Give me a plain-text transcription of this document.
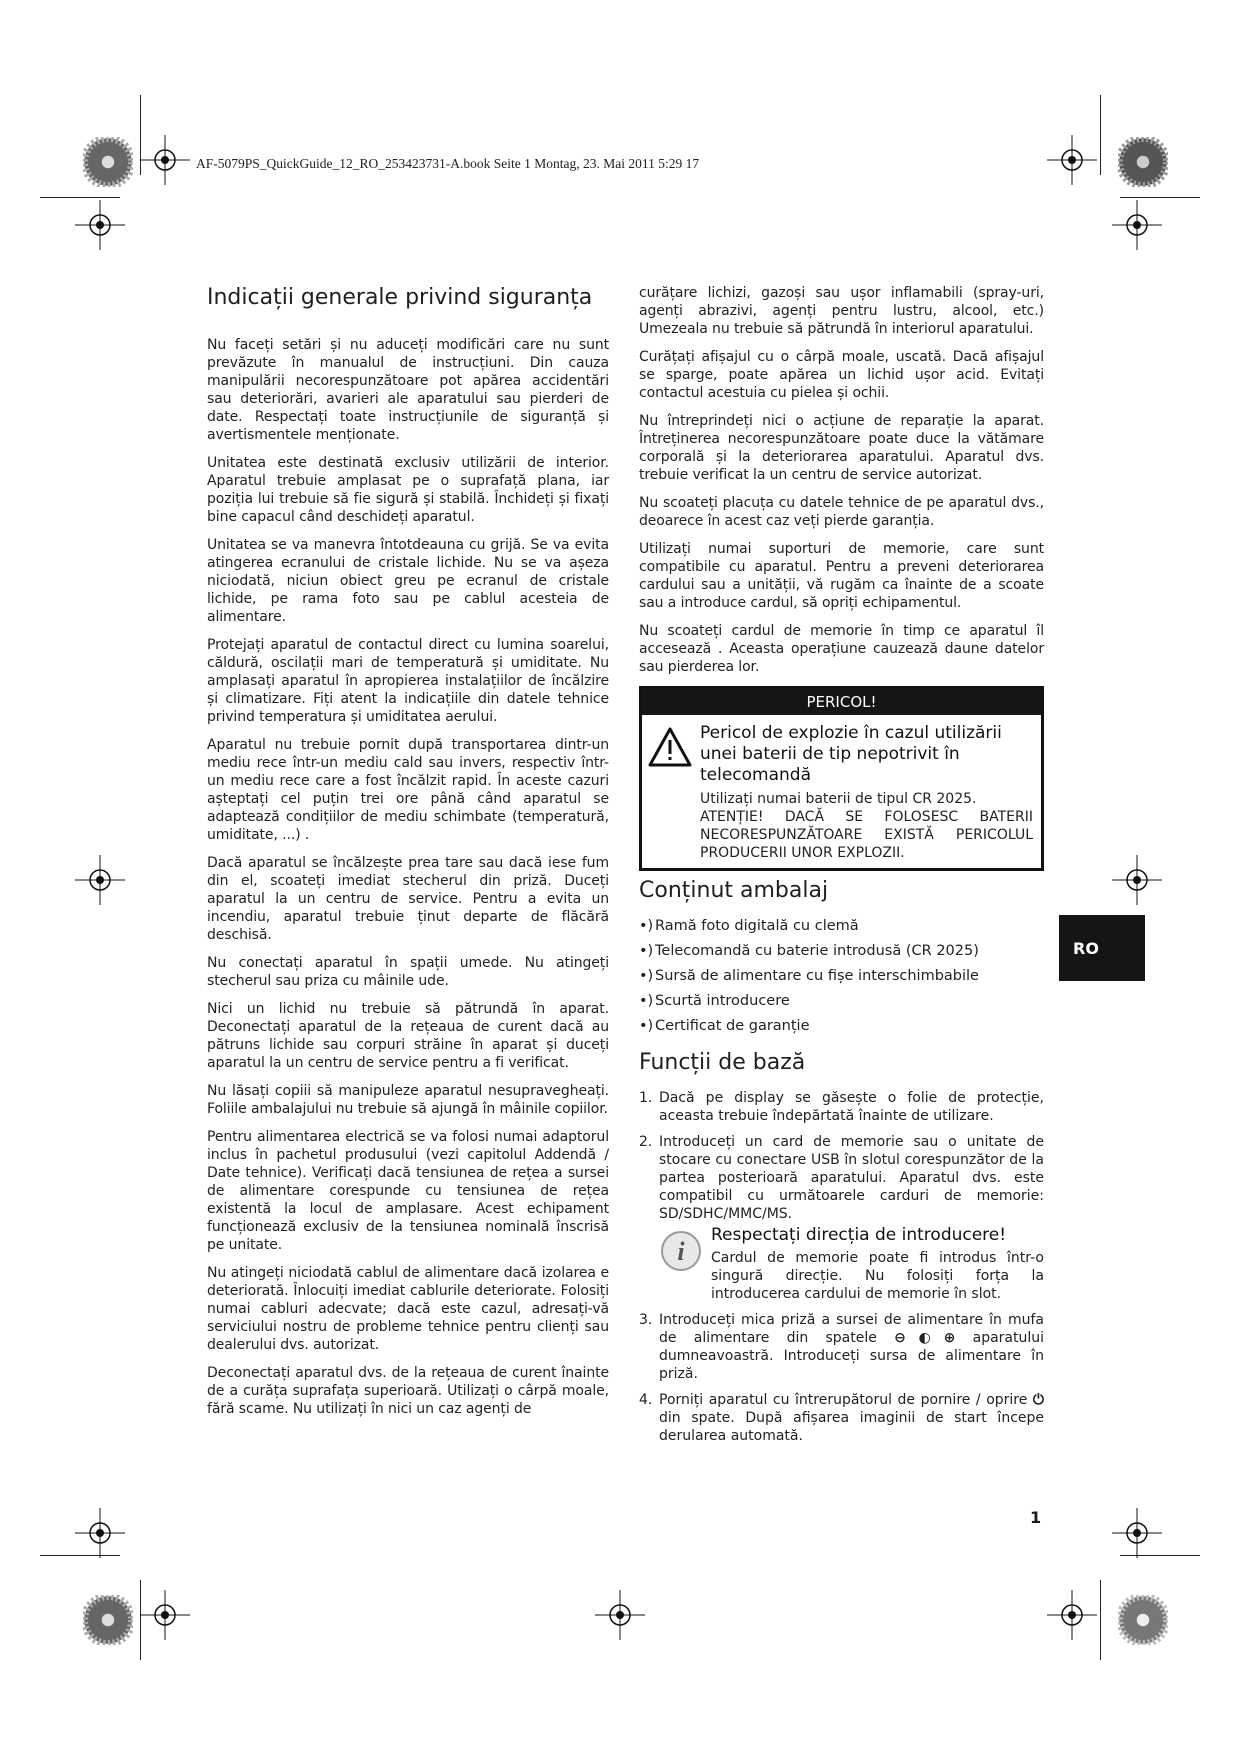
AF-5079PS_QuickGuide_12_RO_253423731-A.book Seite 1 Montag, 23. Mai 2011 5:29 17
Indicații generale privind siguranța

Nu faceți setări și nu aduceți modificări care nu sunt prevăzute în manualul de instrucțiuni. Din cauza manipulării necorespunzătoare pot apărea accidentări sau deteriorări, avarieri ale aparatului sau pierderi de date. Respectați toate instrucțiunile de siguranță și avertismentele menționate.

Unitatea este destinată exclusiv utilizării de interior. Aparatul trebuie amplasat pe o suprafață plana, iar poziția lui trebuie să fie sigură și stabilă. Închideți și fixați bine capacul când deschideți aparatul.

Unitatea se va manevra întotdeauna cu grijă. Se va evita atingerea ecranului de cristale lichide. Nu se va așeza niciodată, niciun obiect greu pe ecranul de cristale lichide, pe rama foto sau pe cablul acesteia de alimentare.

Protejați aparatul de contactul direct cu lumina soarelui, căldură, oscilații mari de temperatură și umiditate. Nu amplasați aparatul în apropierea instalațiilor de încălzire și climatizare. Fiți atent la indicațiile din datele tehnice privind temperatura și umiditatea aerului.

Aparatul nu trebuie pornit după transportarea dintr-un mediu rece într-un mediu cald sau invers, respectiv într-un mediu rece care a fost încălzit rapid. În aceste cazuri așteptați cel puțin trei ore până când aparatul se adaptează condițiilor de mediu schimbate (temperatură, umiditate, ...) .

Dacă aparatul se încălzește prea tare sau dacă iese fum din el, scoateți imediat stecherul din priză. Duceți aparatul la un centru de service. Pentru a evita un incendiu, aparatul trebuie ținut departe de flăcără deschisă.

Nu conectați aparatul în spații umede. Nu atingeți stecherul sau priza cu mâinile ude.

Nici un lichid nu trebuie să pătrundă în aparat. Deconectați aparatul de la rețeaua de curent dacă au pătruns lichide sau corpuri străine în aparat și duceți aparatul la un centru de service pentru a fi verificat.

Nu lăsați copiii să manipuleze aparatul nesupravegheați. Foliile ambalajului nu trebuie să ajungă în mâinile copiilor.

Pentru alimentarea electrică se va folosi numai adaptorul inclus în pachetul produsului (vezi capitolul Addendă / Date tehnice). Verificați dacă tensiunea de rețea a sursei de alimentare corespunde cu tensiunea de rețea existentă la locul de amplasare. Acest echipament funcționează exclusiv de la tensiunea nominală înscrisă pe unitate.

Nu atingeți niciodată cablul de alimentare dacă izolarea e deteriorată. Înlocuiți imediat cablurile deteriorate. Folosiți numai cabluri adecvate; dacă este cazul, adresați-vă serviciului nostru de probleme tehnice pentru clienți sau dealerului dvs. autorizat.

Deconectați aparatul dvs. de la rețeaua de curent înainte de a curăța suprafața superioară. Utilizați o cârpă moale, fără scame. Nu utilizați în nici un caz agenți de

curățare lichizi, gazoși sau ușor inflamabili (spray-uri, agenți abrazivi, agenți pentru lustru, alcool, etc.) Umezeala nu trebuie să pătrundă în interiorul aparatului.

Curățați afișajul cu o cârpă moale, uscată. Dacă afișajul se sparge, poate apărea un lichid ușor acid. Evitați contactul acestuia cu pielea și ochii.

Nu întreprindeți nici o acțiune de reparație la aparat. Întreținerea necorespunzătoare poate duce la vătămare corporală și la deteriorarea aparatului. Aparatul dvs. trebuie verificat la un centru de service autorizat.

Nu scoateți placuța cu datele tehnice de pe aparatul dvs., deoarece în acest caz veți pierde garanția.

Utilizați numai suporturi de memorie, care sunt compatibile cu aparatul. Pentru a preveni deteriorarea cardului sau a unității, vă rugăm ca înainte de a scoate sau a introduce cardul, să opriți echipamentul.

Nu scoateți cardul de memorie în timp ce aparatul îl accesează . Aceasta operațiune cauzează daune datelor sau pierderea lor.

PERICOL!
Pericol de explozie în cazul utilizării unei baterii de tip nepotrivit în telecomandă
Utilizați numai baterii de tipul CR 2025.
ATENȚIE! DACĂ SE FOLOSESC BATERII NECORESPUNZĂTOARE EXISTĂ PERICOLUL PRODUCERII UNOR EXPLOZII.
Conținut ambalaj
•) Ramă foto digitală cu clemă
•) Telecomandă cu baterie introdusă (CR 2025)
•) Sursă de alimentare cu fișe interschimbabile
•) Scurtă introducere
•) Certificat de garanție
Funcții de bază
1. Dacă pe display se găsește o folie de protecție, aceasta trebuie îndepărtată înainte de utilizare.
2. Introduceți un card de memorie sau o unitate de stocare cu conectare USB în slotul corespunzător de la partea posterioară aparatului. Aparatul dvs. este compatibil cu următoarele carduri de memorie: SD/SDHC/MMC/MS.
i
Respectați direcția de introducere!
Cardul de memorie poate fi introdus într-o singură direcție. Nu folosiți forța la introducerea cardului de memorie în slot.
3. Introduceți mica priză a sursei de alimentare în mufa de alimentare din spatele ⊖◐⊕ aparatului dumneavoastră. Introduceți sursa de alimentare în priză.
4. Porniți aparatul cu întrerupătorul de pornire / oprire ⏻ din spate. După afișarea imaginii de start începe derularea automată.
RO
1
